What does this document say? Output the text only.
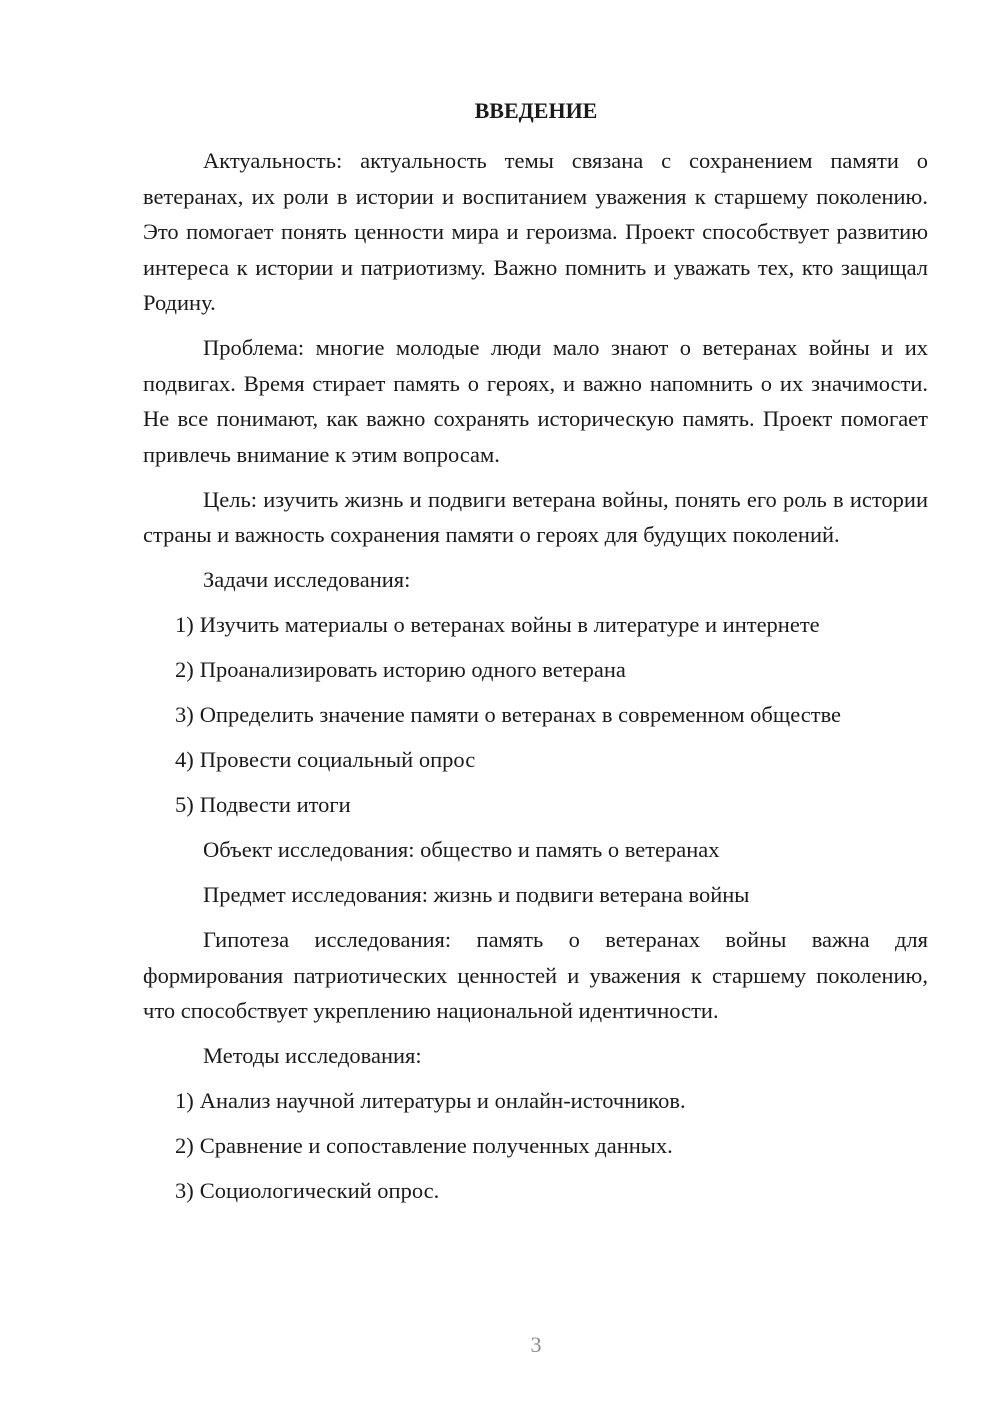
ВВЕДЕНИЕ

Актуальность: актуальность темы связана с сохранением памяти о ветеранах, их роли в истории и воспитанием уважения к старшему поколению. Это помогает понять ценности мира и героизма. Проект способствует развитию интереса к истории и патриотизму. Важно помнить и уважать тех, кто защищал Родину.

Проблема: многие молодые люди мало знают о ветеранах войны и их подвигах. Время стирает память о героях, и важно напомнить о их значимости. Не все понимают, как важно сохранять историческую память. Проект помогает привлечь внимание к этим вопросам.

Цель: изучить жизнь и подвиги ветерана войны, понять его роль в истории страны и важность сохранения памяти о героях для будущих поколений.

Задачи исследования:

1) Изучить материалы о ветеранах войны в литературе и интернете
2) Проанализировать историю одного ветерана
3) Определить значение памяти о ветеранах в современном обществе
4) Провести социальный опрос
5) Подвести итоги

Объект исследования: общество и память о ветеранах

Предмет исследования: жизнь и подвиги ветерана войны

Гипотеза исследования: память о ветеранах войны важна для формирования патриотических ценностей и уважения к старшему поколению, что способствует укреплению национальной идентичности.

Методы исследования:

1) Анализ научной литературы и онлайн-источников.
2) Сравнение и сопоставление полученных данных.
3) Социологический опрос.
3
